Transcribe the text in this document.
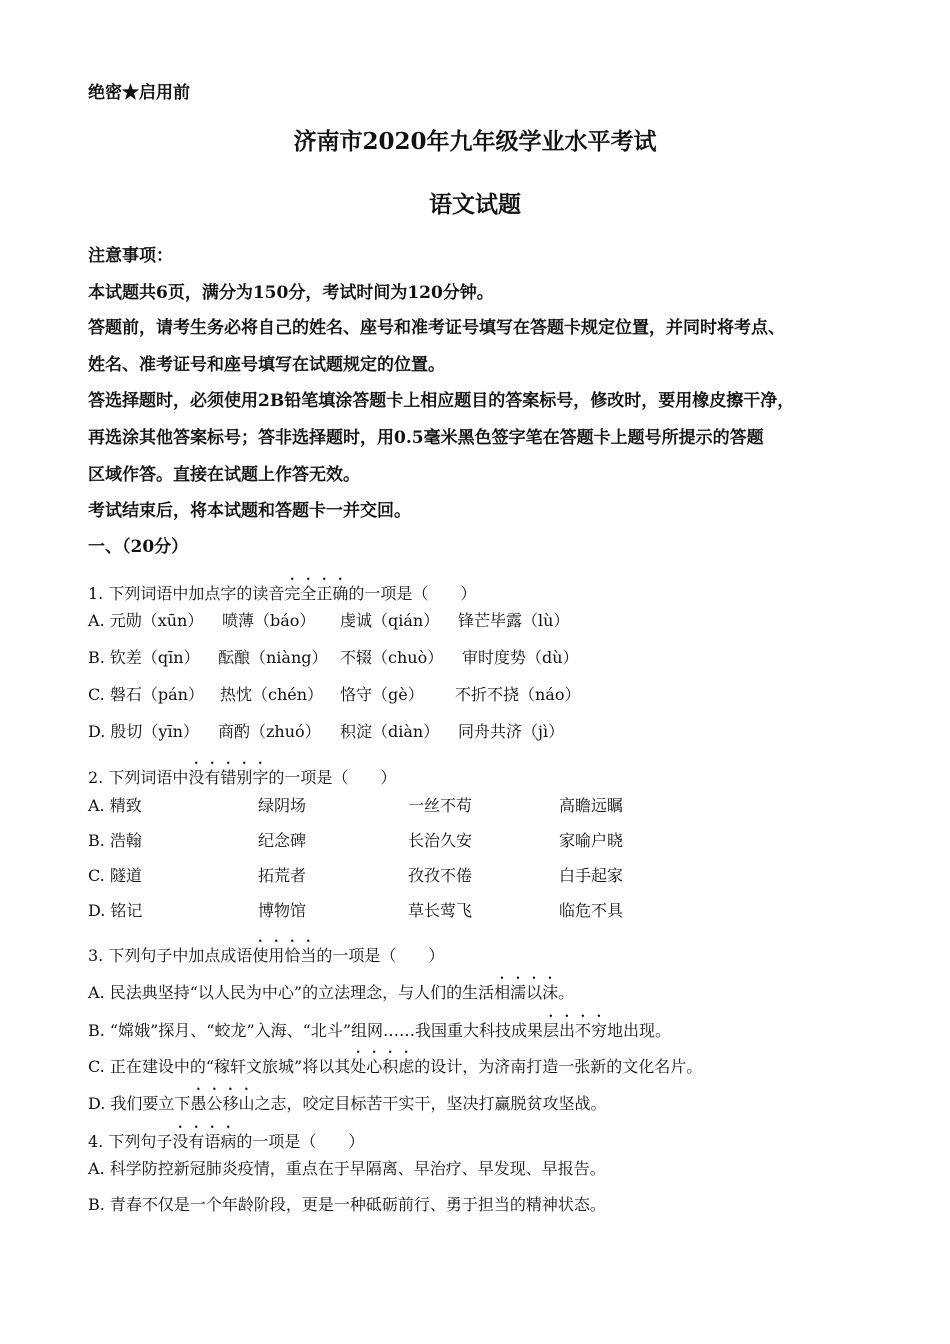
绝密★启用前
济南市2020年九年级学业水平考试
语文试题
注意事项：
本试题共6页，满分为150分，考试时间为120分钟。
答题前，请考生务必将自己的姓名、座号和准考证号填写在答题卡规定位置，并同时将考点、
姓名、准考证号和座号填写在试题规定的位置。
答选择题时，必须使用2B铅笔填涂答题卡上相应题目的答案标号，修改时，要用橡皮擦干净，
再选涂其他答案标号；答非选择题时，用0.5毫米黑色签字笔在答题卡上题号所提示的答题
区域作答。直接在试题上作答无效。
考试结束后，将本试题和答题卡一并交回。
一、（20分）
1. 下列词语中加点字的读音完全正确的一项是（　　）
A. 元勋（xūn） 喷薄（báo） 虔诚（qián） 锋芒毕露（lù）
B. 钦差（qīn） 酝酿（niàng） 不辍（chuò） 审时度势（dù）
C. 磐石（pán） 热忱（chén） 恪守（gè） 不折不挠（náo）
D. 殷切（yīn） 商酌（zhuó） 积淀（diàn） 同舟共济（jì）
2. 下列词语中没有错别字的一项是（　　）
A. 精致	绿阴场	一丝不苟	高瞻远瞩
B. 浩翰	纪念碑	长治久安	家喻户晓
C. 隧道	拓荒者	孜孜不倦	白手起家
D. 铭记	博物馆	草长莺飞	临危不具
3. 下列句子中加点成语使用恰当的一项是（　　）
A. 民法典坚持“以人民为中心”的立法理念，与人们的生活相濡以沫。
B. “嫦娥”探月、“蛟龙”入海、“北斗”组网……我国重大科技成果层出不穷地出现。
C. 正在建设中的“稼轩文旅城”将以其处心积虑的设计，为济南打造一张新的文化名片。
D. 我们要立下愚公移山之志，咬定目标苦干实干，坚决打赢脱贫攻坚战。
4. 下列句子没有语病的一项是（　　）
A. 科学防控新冠肺炎疫情，重点在于早隔离、早治疗、早发现、早报告。
B. 青春不仅是一个年龄阶段，更是一种砥砺前行、勇于担当的精神状态。
